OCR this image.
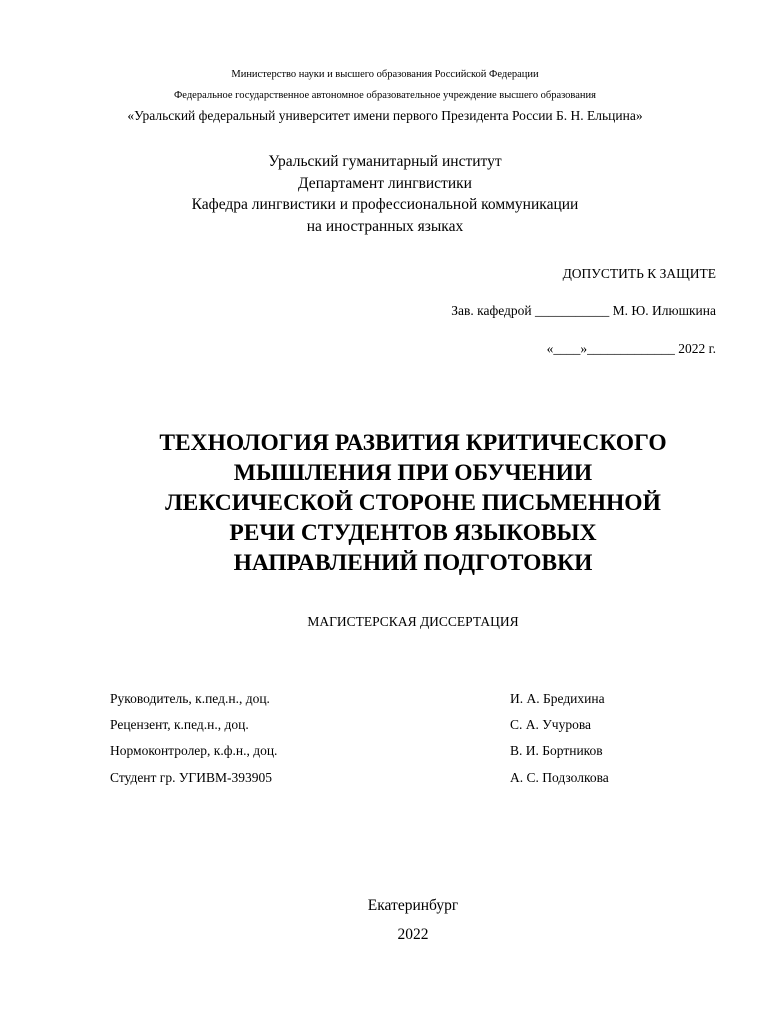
Министерство науки и высшего образования Российской Федерации
Федеральное государственное автономное образовательное учреждение высшего образования
«Уральский федеральный университет имени первого Президента России Б. Н. Ельцина»
Уральский гуманитарный институт
Департамент лингвистики
Кафедра лингвистики и профессиональной коммуникации
на иностранных языках
ДОПУСТИТЬ К ЗАЩИТЕ
Зав. кафедрой ___________ М. Ю. Илюшкина
«____»_____________ 2022 г.
ТЕХНОЛОГИЯ РАЗВИТИЯ КРИТИЧЕСКОГО
МЫШЛЕНИЯ ПРИ ОБУЧЕНИИ
ЛЕКСИЧЕСКОЙ СТОРОНЕ ПИСЬМЕННОЙ
РЕЧИ СТУДЕНТОВ ЯЗЫКОВЫХ
НАПРАВЛЕНИЙ ПОДГОТОВКИ
МАГИСТЕРСКАЯ ДИССЕРТАЦИЯ
Руководитель, к.пед.н., доц.	И. А. Бредихина
Рецензент, к.пед.н., доц.	С. А. Учурова
Нормоконтролер, к.ф.н., доц.	В. И. Бортников
Студент гр. УГИВМ-393905	А. С. Подзолкова
Екатеринбург
2022
